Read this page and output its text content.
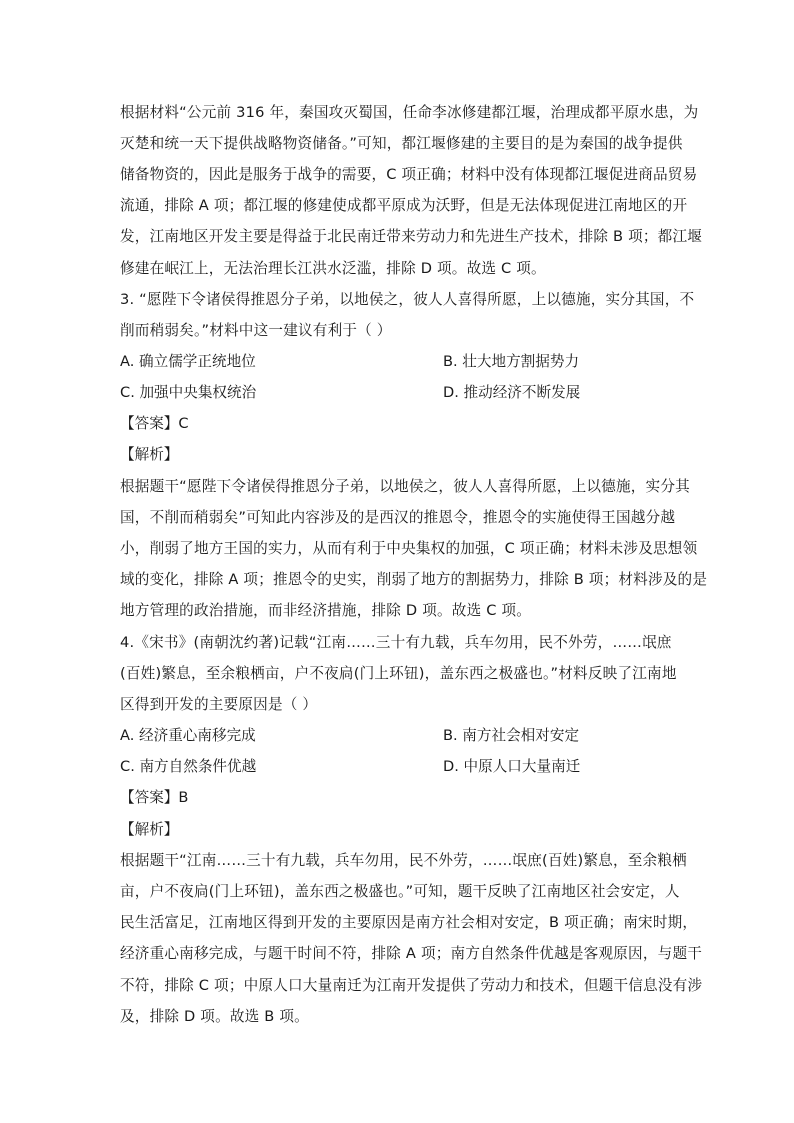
根据材料“公元前 316 年，秦国攻灭蜀国，任命李冰修建都江堰，治理成都平原水患，为
灭楚和统一天下提供战略物资储备。”可知，都江堰修建的主要目的是为秦国的战争提供
储备物资的，因此是服务于战争的需要，C 项正确；材料中没有体现都江堰促进商品贸易
流通，排除 A 项；都江堰的修建使成都平原成为沃野，但是无法体现促进江南地区的开
发，江南地区开发主要是得益于北民南迁带来劳动力和先进生产技术，排除 B 项；都江堰
修建在岷江上，无法治理长江洪水泛滥，排除 D 项。故选 C 项。
3. “愿陛下令诸侯得推恩分子弟，以地侯之，彼人人喜得所愿，上以德施，实分其国，不
削而稍弱矣。”材料中这一建议有利于（ ）
A. 确立儒学正统地位	B. 壮大地方割据势力
C. 加强中央集权统治	D. 推动经济不断发展
【答案】C
【解析】
根据题干“愿陛下令诸侯得推恩分子弟，以地侯之，彼人人喜得所愿，上以德施，实分其
国，不削而稍弱矣”可知此内容涉及的是西汉的推恩令，推恩令的实施使得王国越分越
小，削弱了地方王国的实力，从而有利于中央集权的加强，C 项正确；材料未涉及思想领
域的变化，排除 A 项；推恩令的史实，削弱了地方的割据势力，排除 B 项；材料涉及的是
地方管理的政治措施，而非经济措施，排除 D 项。故选 C 项。
4.《宋书》(南朝沈约著)记载“江南……三十有九载，兵车勿用，民不外劳，……氓庶
(百姓)繁息，至余粮栖亩，户不夜扃(门上环钮)，盖东西之极盛也。”材料反映了江南地
区得到开发的主要原因是（ ）
A. 经济重心南移完成	B. 南方社会相对安定
C. 南方自然条件优越	D. 中原人口大量南迁
【答案】B
【解析】
根据题干“江南……三十有九载，兵车勿用，民不外劳，……氓庶(百姓)繁息，至余粮栖
亩，户不夜扃(门上环钮)，盖东西之极盛也。”可知，题干反映了江南地区社会安定，人
民生活富足，江南地区得到开发的主要原因是南方社会相对安定，B 项正确；南宋时期，
经济重心南移完成，与题干时间不符，排除 A 项；南方自然条件优越是客观原因，与题干
不符，排除 C 项；中原人口大量南迁为江南开发提供了劳动力和技术，但题干信息没有涉
及，排除 D 项。故选 B 项。
